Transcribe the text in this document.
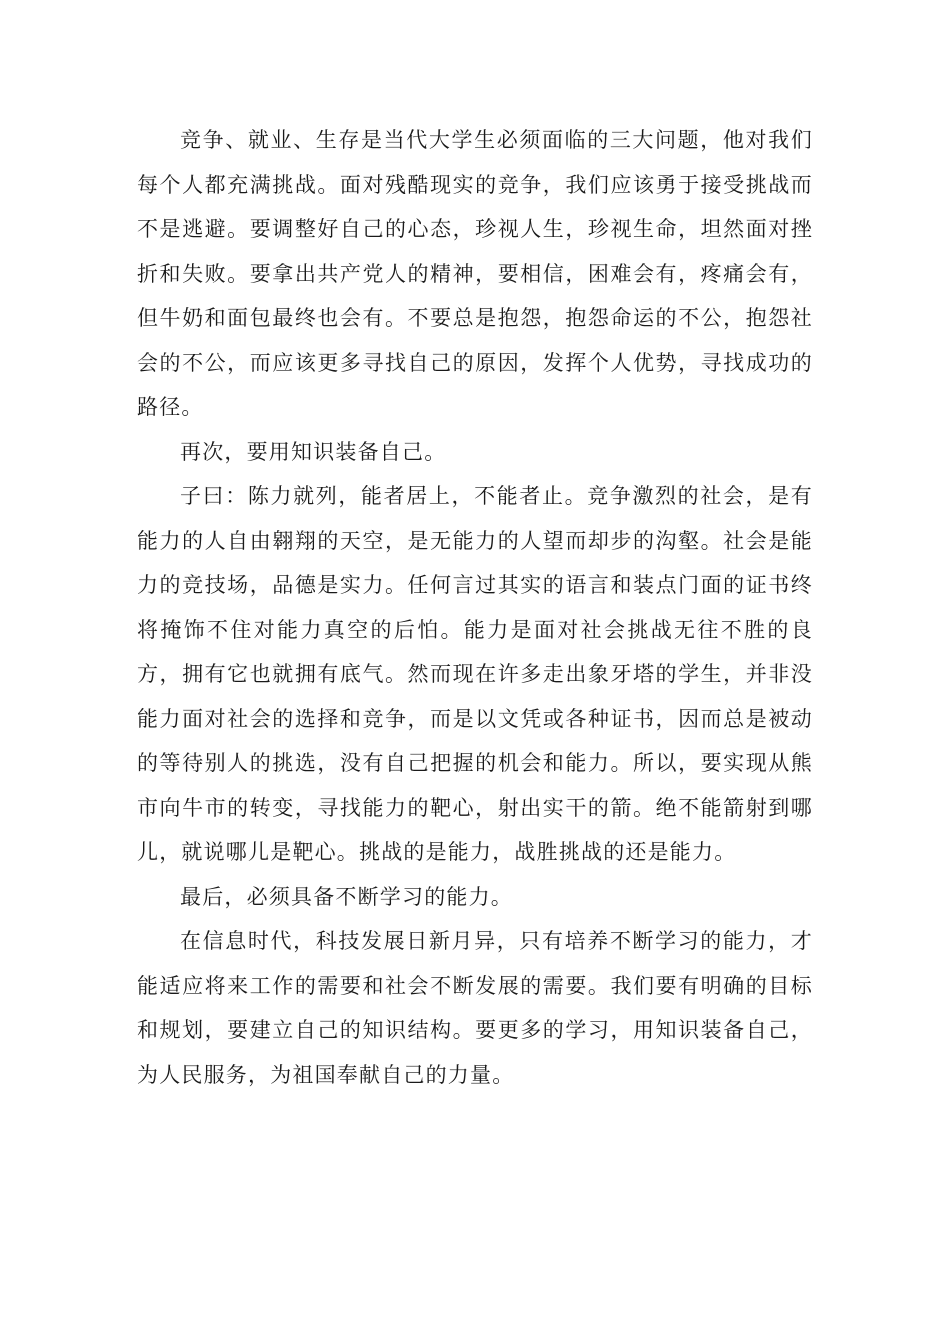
竞争、就业、生存是当代大学生必须面临的三大问题，他对我们每个人都充满挑战。面对残酷现实的竞争，我们应该勇于接受挑战而不是逃避。要调整好自己的心态，珍视人生，珍视生命，坦然面对挫折和失败。要拿出共产党人的精神，要相信，困难会有，疼痛会有，但牛奶和面包最终也会有。不要总是抱怨，抱怨命运的不公，抱怨社会的不公，而应该更多寻找自己的原因，发挥个人优势，寻找成功的路径。

再次，要用知识装备自己。

子曰：陈力就列，能者居上，不能者止。竞争激烈的社会，是有能力的人自由翱翔的天空，是无能力的人望而却步的沟壑。社会是能力的竞技场，品德是实力。任何言过其实的语言和装点门面的证书终将掩饰不住对能力真空的后怕。能力是面对社会挑战无往不胜的良方，拥有它也就拥有底气。然而现在许多走出象牙塔的学生，并非没能力面对社会的选择和竞争，而是以文凭或各种证书，因而总是被动的等待别人的挑选，没有自己把握的机会和能力。所以，要实现从熊市向牛市的转变，寻找能力的靶心，射出实干的箭。绝不能箭射到哪儿，就说哪儿是靶心。挑战的是能力，战胜挑战的还是能力。

最后，必须具备不断学习的能力。

在信息时代，科技发展日新月异，只有培养不断学习的能力，才能适应将来工作的需要和社会不断发展的需要。我们要有明确的目标和规划，要建立自己的知识结构。要更多的学习，用知识装备自己，为人民服务，为祖国奉献自己的力量。
